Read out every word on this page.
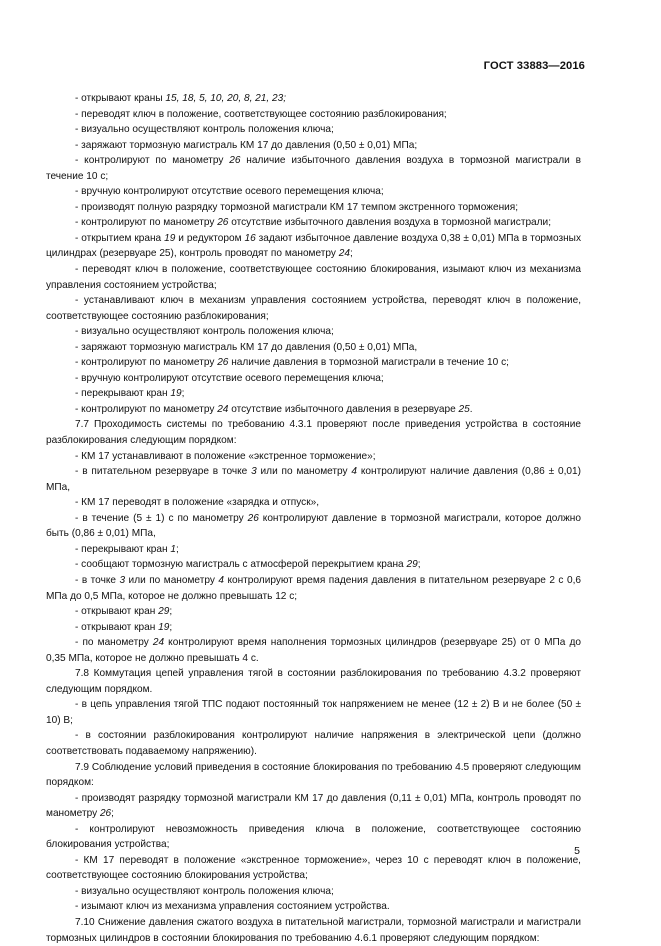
ГОСТ 33883—2016

- открывают краны 15, 18, 5, 10, 20, 8, 21, 23;

- переводят ключ в положение, соответствующее состоянию разблокирования;

- визуально осуществляют контроль положения ключа;

- заряжают тормозную магистраль КМ 17 до давления (0,50 ± 0,01) МПа;

- контролируют по манометру 26 наличие избыточного давления воздуха в тормозной магистрали в течение 10 с;

- вручную контролируют отсутствие осевого перемещения ключа;

- производят полную разрядку тормозной магистрали КМ 17 темпом экстренного торможения;

- контролируют по манометру 26 отсутствие избыточного давления воздуха в тормозной магистрали;

- открытием крана 19 и редуктором 16 задают избыточное давление воздуха 0,38 ± 0,01) МПа в тормозных цилиндрах (резервуаре 25), контроль проводят по манометру 24;

- переводят ключ в положение, соответствующее состоянию блокирования, изымают ключ из механизма управления состоянием устройства;

- устанавливают ключ в механизм управления состоянием устройства, переводят ключ в положение, соответствующее состоянию разблокирования;

- визуально осуществляют контроль положения ключа;

- заряжают тормозную магистраль КМ 17 до давления (0,50 ± 0,01) МПа,

- контролируют по манометру 26 наличие давления в тормозной магистрали в течение 10 с;

- вручную контролируют отсутствие осевого перемещения ключа;

- перекрывают кран 19;

- контролируют по манометру 24 отсутствие избыточного давления в резервуаре 25.

7.7 Проходимость системы по требованию 4.3.1 проверяют после приведения устройства в состояние разблокирования следующим порядком:

- КМ 17 устанавливают в положение «экстренное торможение»;

- в питательном резервуаре в точке 3 или по манометру 4 контролируют наличие давления (0,86 ± 0,01) МПа,

- КМ 17 переводят в положение «зарядка и отпуск»,

- в течение (5 ± 1) с по манометру 26 контролируют давление в тормозной магистрали, которое должно быть (0,86 ± 0,01) МПа,

- перекрывают кран 1;

- сообщают тормозную магистраль с атмосферой перекрытием крана 29;

- в точке 3 или по манометру 4 контролируют время падения давления в питательном резервуаре 2 с 0,6 МПа до 0,5 МПа, которое не должно превышать 12 с;

- открывают кран 29;

- открывают кран 19;

- по манометру 24 контролируют время наполнения тормозных цилиндров (резервуаре 25) от 0 МПа до 0,35 МПа, которое не должно превышать 4 с.

7.8 Коммутация цепей управления тягой в состоянии разблокирования по требованию 4.3.2 проверяют следующим порядком.

- в цепь управления тягой ТПС подают постоянный ток напряжением не менее (12 ± 2) В и не более (50 ± 10) В;

- в состоянии разблокирования контролируют наличие напряжения в электрической цепи (должно соответствовать подаваемому напряжению).

7.9 Соблюдение условий приведения в состояние блокирования по требованию 4.5 проверяют следующим порядком:

- производят разрядку тормозной магистрали КМ 17 до давления (0,11 ± 0,01) МПа, контроль проводят по манометру 26;

- контролируют невозможность приведения ключа в положение, соответствующее состоянию блокирования устройства;

- КМ 17 переводят в положение «экстренное торможение», через 10 с переводят ключ в положение, соответствующее состоянию блокирования устройства;

- визуально осуществляют контроль положения ключа;

- изымают ключ из механизма управления состоянием устройства.

7.10 Снижение давления сжатого воздуха в питательной магистрали, тормозной магистрали и магистрали тормозных цилиндров в состоянии блокирования по требованию 4.6.1 проверяют следующим порядком:

5
